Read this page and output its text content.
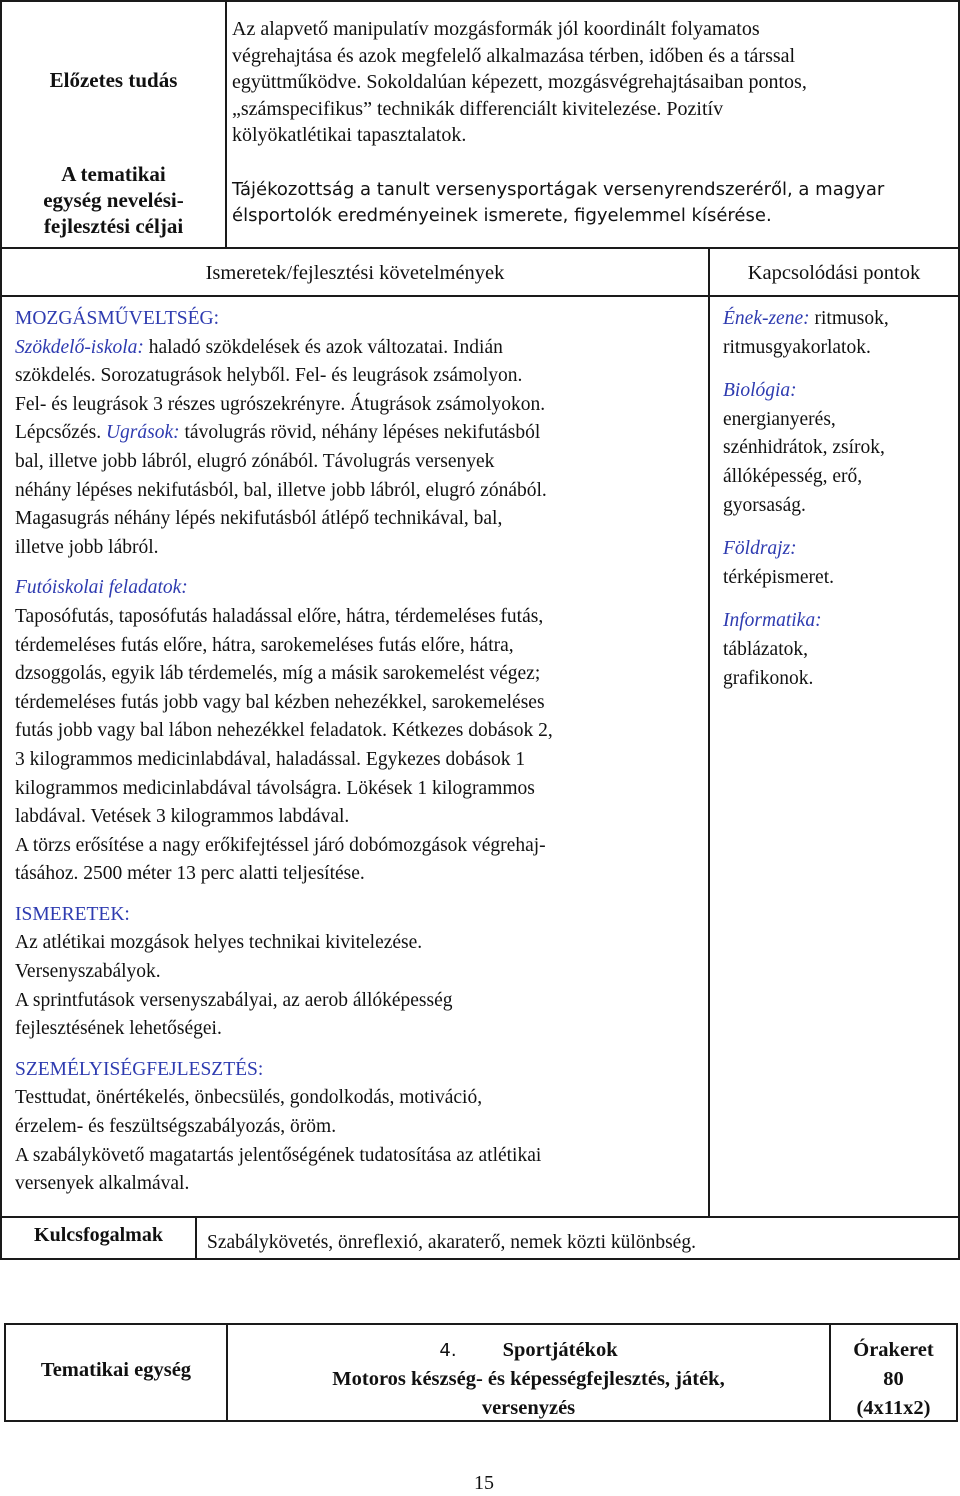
Előzetes tudás
A tematikai
egység nevelési-
fejlesztési céljai
Az alapvető manipulatív mozgásformák jól koordinált folyamatos
végrehajtása és azok megfelelő alkalmazása térben, időben és a társsal
együttműködve. Sokoldalúan képezett, mozgásvégrehajtásaiban pontos,
„számspecifikus” technikák differenciált kivitelezése. Pozitív
kölyökatlétikai tapasztalatok.
Tájékozottság a tanult versenysportágak versenyrendszeréről, a magyar
élsportolók eredményeinek ismerete, figyelemmel kísérése.
Ismeretek/fejlesztési követelmények	Kapcsolódási pontok
MOZGÁSMŰVELTSÉG:
Szökdelő-iskola: haladó szökdelések és azok változatai. Indián
szökdelés. Sorozatugrások helyből. Fel- és leugrások zsámolyon.
Fel- és leugrások 3 részes ugrószekrényre. Átugrások zsámolyokon.
Lépcsőzés. Ugrások: távolugrás rövid, néhány lépéses nekifutásból
bal, illetve jobb lábról, elugró zónából. Távolugrás versenyek
néhány lépéses nekifutásból, bal, illetve jobb lábról, elugró zónából.
Magasugrás néhány lépés nekifutásból átlépő technikával, bal,
illetve jobb lábról.
Futóiskolai feladatok:
Taposófutás, taposófutás haladással előre, hátra, térdemeléses futás,
térdemeléses futás előre, hátra, sarokemeléses futás előre, hátra,
dzsoggolás, egyik láb térdemelés, míg a másik sarokemelést végez;
térdemeléses futás jobb vagy bal kézben nehezékkel, sarokemeléses
futás jobb vagy bal lábon nehezékkel feladatok. Kétkezes dobások 2,
3 kilogrammos medicinlabdával, haladással. Egykezes dobások 1
kilogrammos medicinlabdával távolságra. Lökések 1 kilogrammos
labdával. Vetések 3 kilogrammos labdával.
A törzs erősítése a nagy erőkifejtéssel járó dobómozgások végrehaj-
tásához. 2500 méter 13 perc alatti teljesítése.
ISMERETEK:
Az atlétikai mozgások helyes technikai kivitelezése.
Versenyszabályok.
A sprintfutások versenyszabályai, az aerob állóképesség
fejlesztésének lehetőségei.
SZEMÉLYISÉGFEJLESZTÉS:
Testtudat, önértékelés, önbecsülés, gondolkodás, motiváció,
érzelem- és feszültségszabályozás, öröm.
A szabálykövető magatartás jelentőségének tudatosítása az atlétikai
versenyek alkalmával.
Ének-zene: ritmusok,
ritmusgyakorlatok.
Biológia:
energianyerés,
szénhidrátok, zsírok,
állóképesség, erő,
gyorsaság.
Földrajz:
térképismeret.
Informatika:
táblázatok,
grafikonok.
Kulcsfogalmak	Szabálykövetés, önreflexió, akaraterő, nemek közti különbség.
Tematikai egység
4. Sportjátékok
Motoros készség- és képességfejlesztés, játék,
versenyzés
Órakeret
80
(4x11x2)
15
